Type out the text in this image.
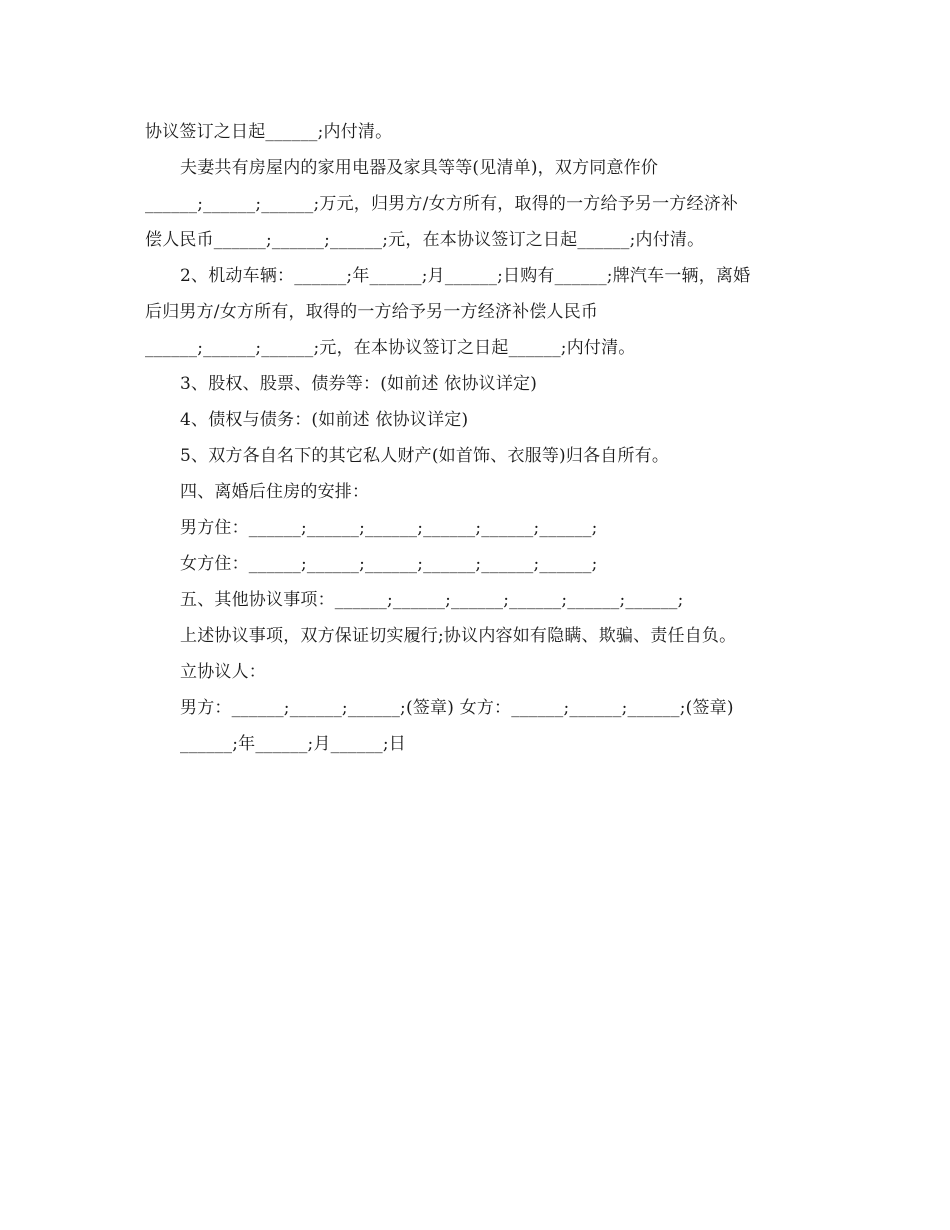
协议签订之日起______;内付清。
夫妻共有房屋内的家用电器及家具等等(见清单)，双方同意作价
______;______;______;万元，归男方/女方所有，取得的一方给予另一方经济补
偿人民币______;______;______;元，在本协议签订之日起______;内付清。
2、机动车辆：______;年______;月______;日购有______;牌汽车一辆，离婚
后归男方/女方所有，取得的一方给予另一方经济补偿人民币
______;______;______;元，在本协议签订之日起______;内付清。
3、股权、股票、债券等：(如前述 依协议详定)
4、债权与债务：(如前述 依协议详定)
5、双方各自名下的其它私人财产(如首饰、衣服等)归各自所有。
四、离婚后住房的安排：
男方住：______;______;______;______;______;______;
女方住：______;______;______;______;______;______;
五、其他协议事项：______;______;______;______;______;______;
上述协议事项，双方保证切实履行;协议内容如有隐瞒、欺骗、责任自负。
立协议人：
男方：______;______;______;(签章) 女方：______;______;______;(签章)
______;年______;月______;日
